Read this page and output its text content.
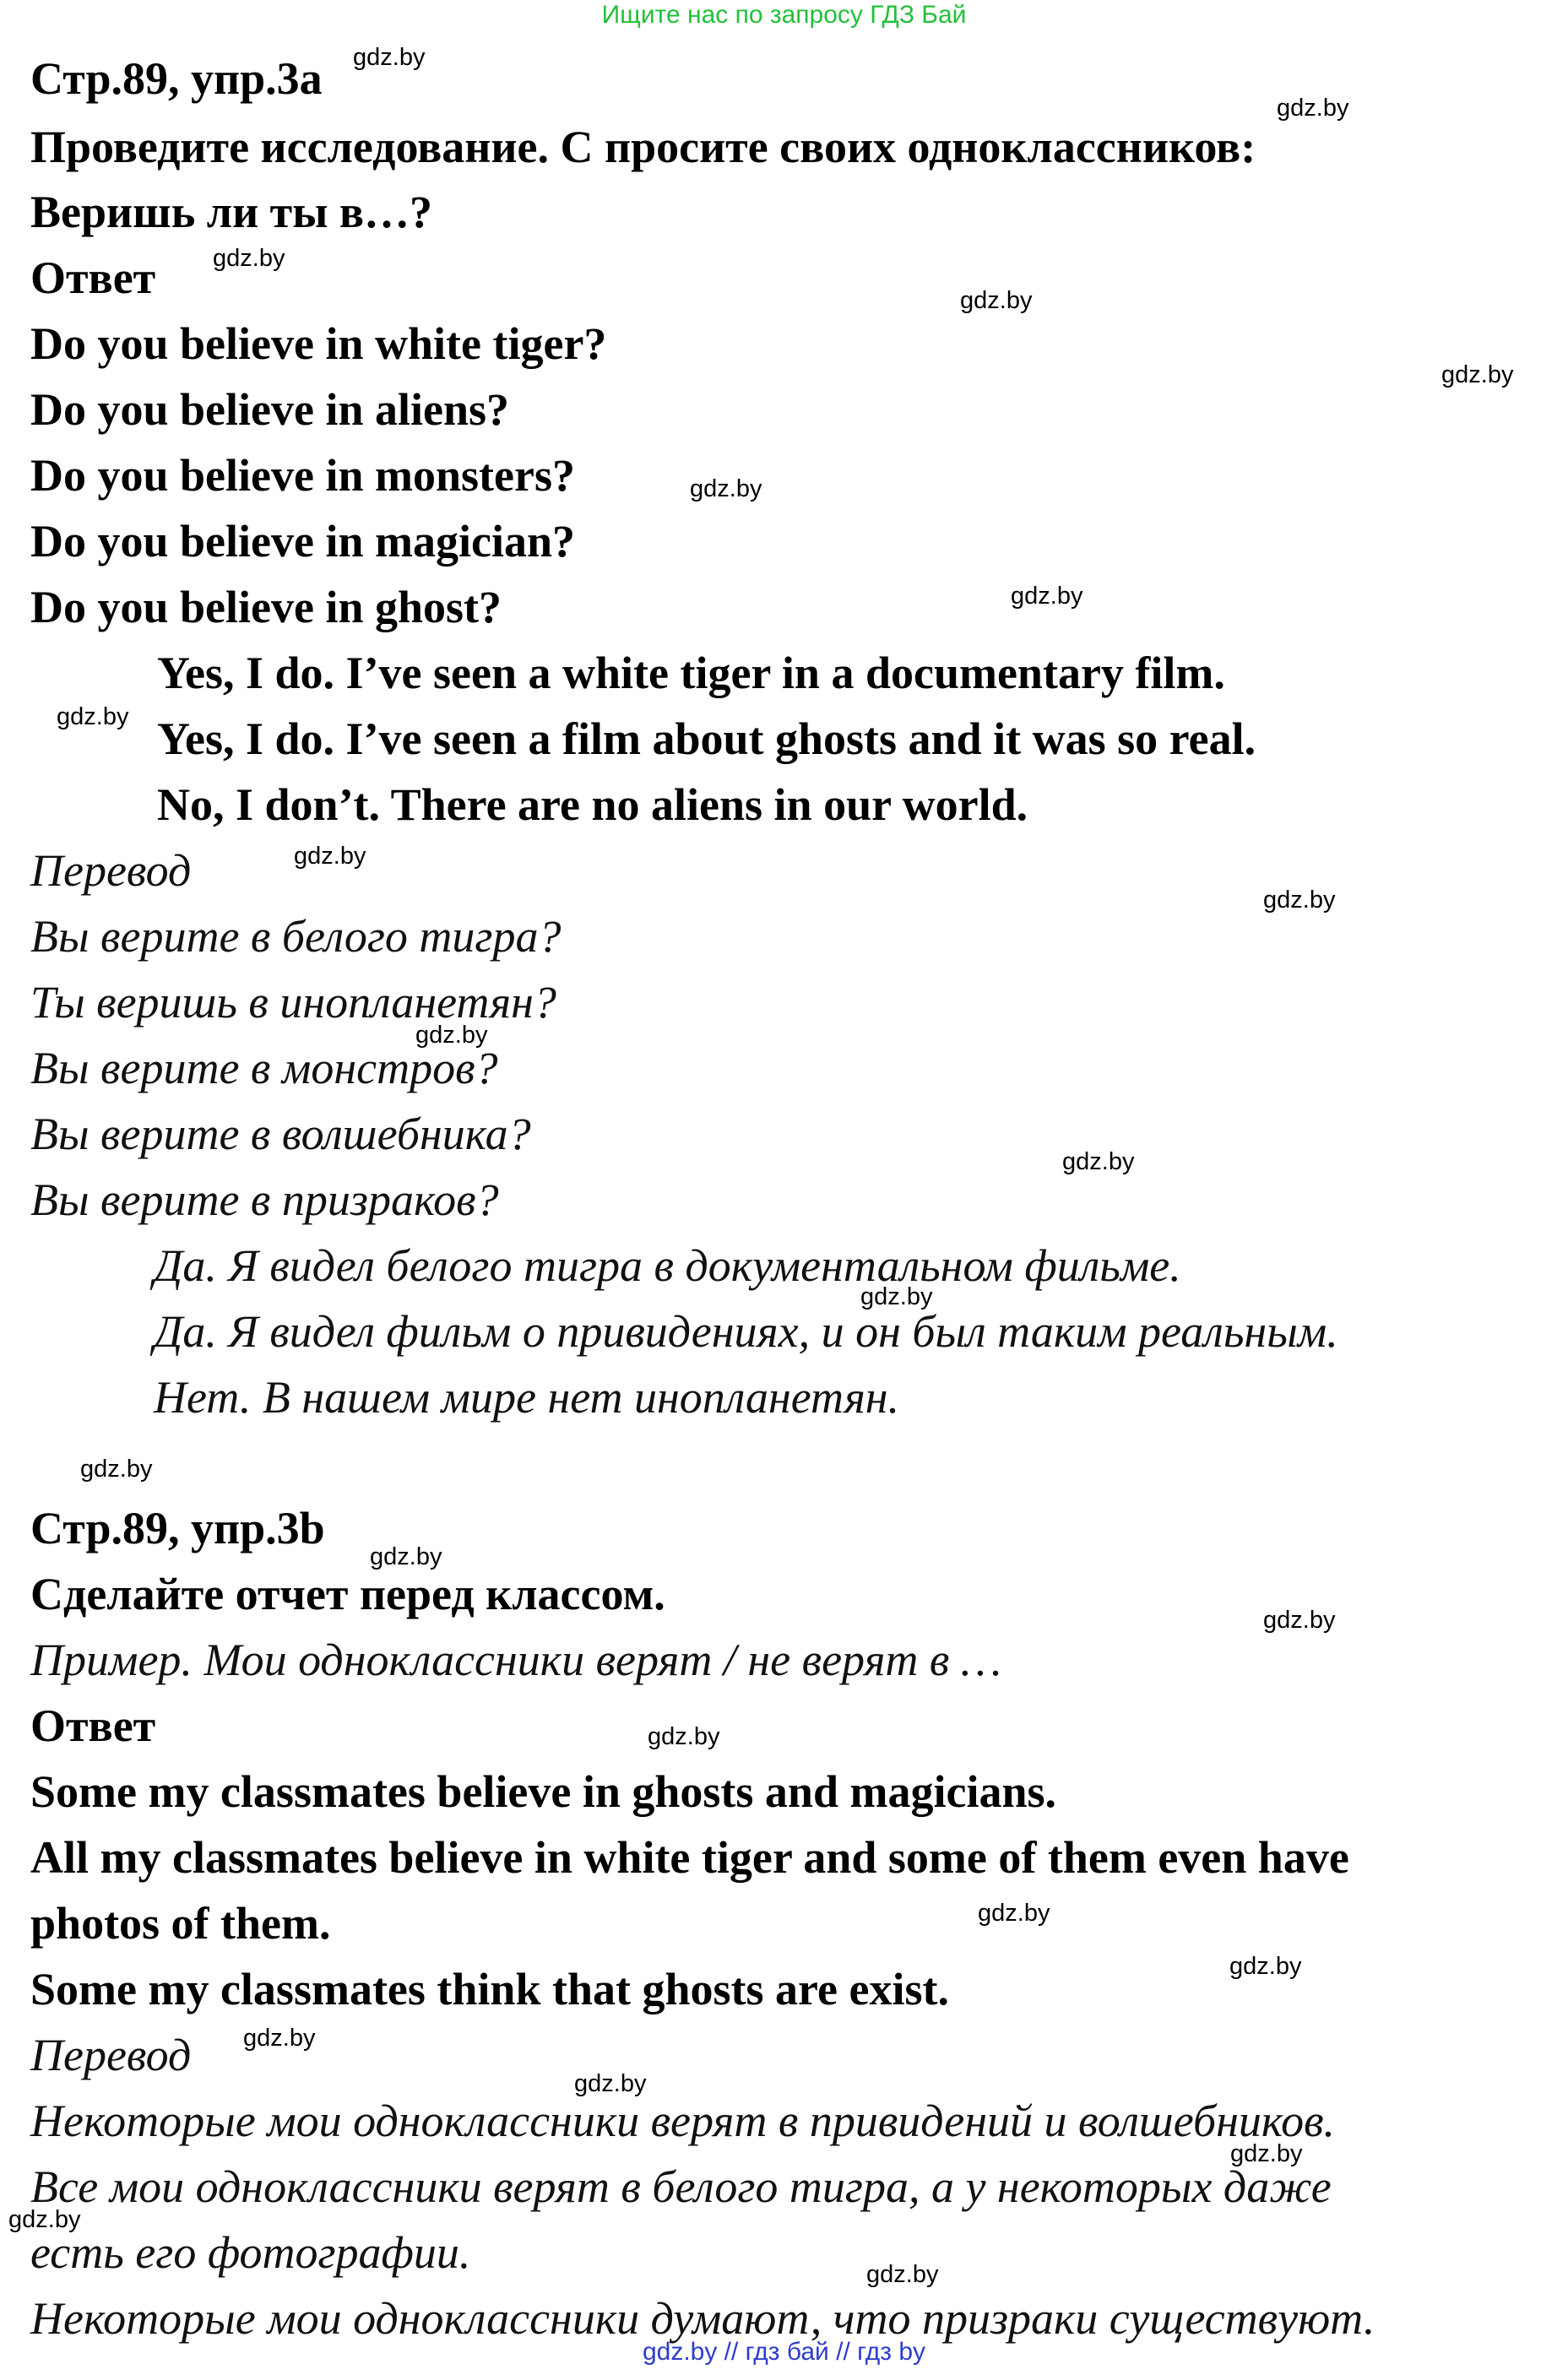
Ищите нас по запросу ГДЗ Бай
Стр.89, упр.3a
Проведите исследование. С просите своих одноклассников:
Веришь ли ты в…?
Ответ
Do you believe in white tiger?
Do you believe in aliens?
Do you believe in monsters?
Do you believe in magician?
Do you believe in ghost?
Yes, I do. I’ve seen a white tiger in a documentary film.
Yes, I do. I’ve seen a film about ghosts and it was so real.
No, I don’t. There are no aliens in our world.
Перевод
Вы верите в белого тигра?
Ты веришь в инопланетян?
Вы верите в монстров?
Вы верите в волшебника?
Вы верите в призраков?
Да. Я видел белого тигра в документальном фильме.
Да. Я видел фильм о привидениях, и он был таким реальным.
Нет. В нашем мире нет инопланетян.
Стр.89, упр.3b
Сделайте отчет перед классом.
Пример. Мои одноклассники верят / не верят в …
Ответ
Some my classmates believe in ghosts and magicians.
All my classmates believe in white tiger and some of them even have
photos of them.
Some my classmates think that ghosts are exist.
Перевод
Некоторые мои одноклассники верят в привидений и волшебников.
Все мои одноклассники верят в белого тигра, а у некоторых даже
есть его фотографии.
Некоторые мои одноклассники думают, что призраки существуют.
gdz.by
gdz.by
gdz.by
gdz.by
gdz.by
gdz.by
gdz.by
gdz.by
gdz.by
gdz.by
gdz.by
gdz.by
gdz.by
gdz.by
gdz.by
gdz.by
gdz.by
gdz.by
gdz.by
gdz.by
gdz.by
gdz.by
gdz.by
gdz.by
gdz.by // гдз бай // гдз by
